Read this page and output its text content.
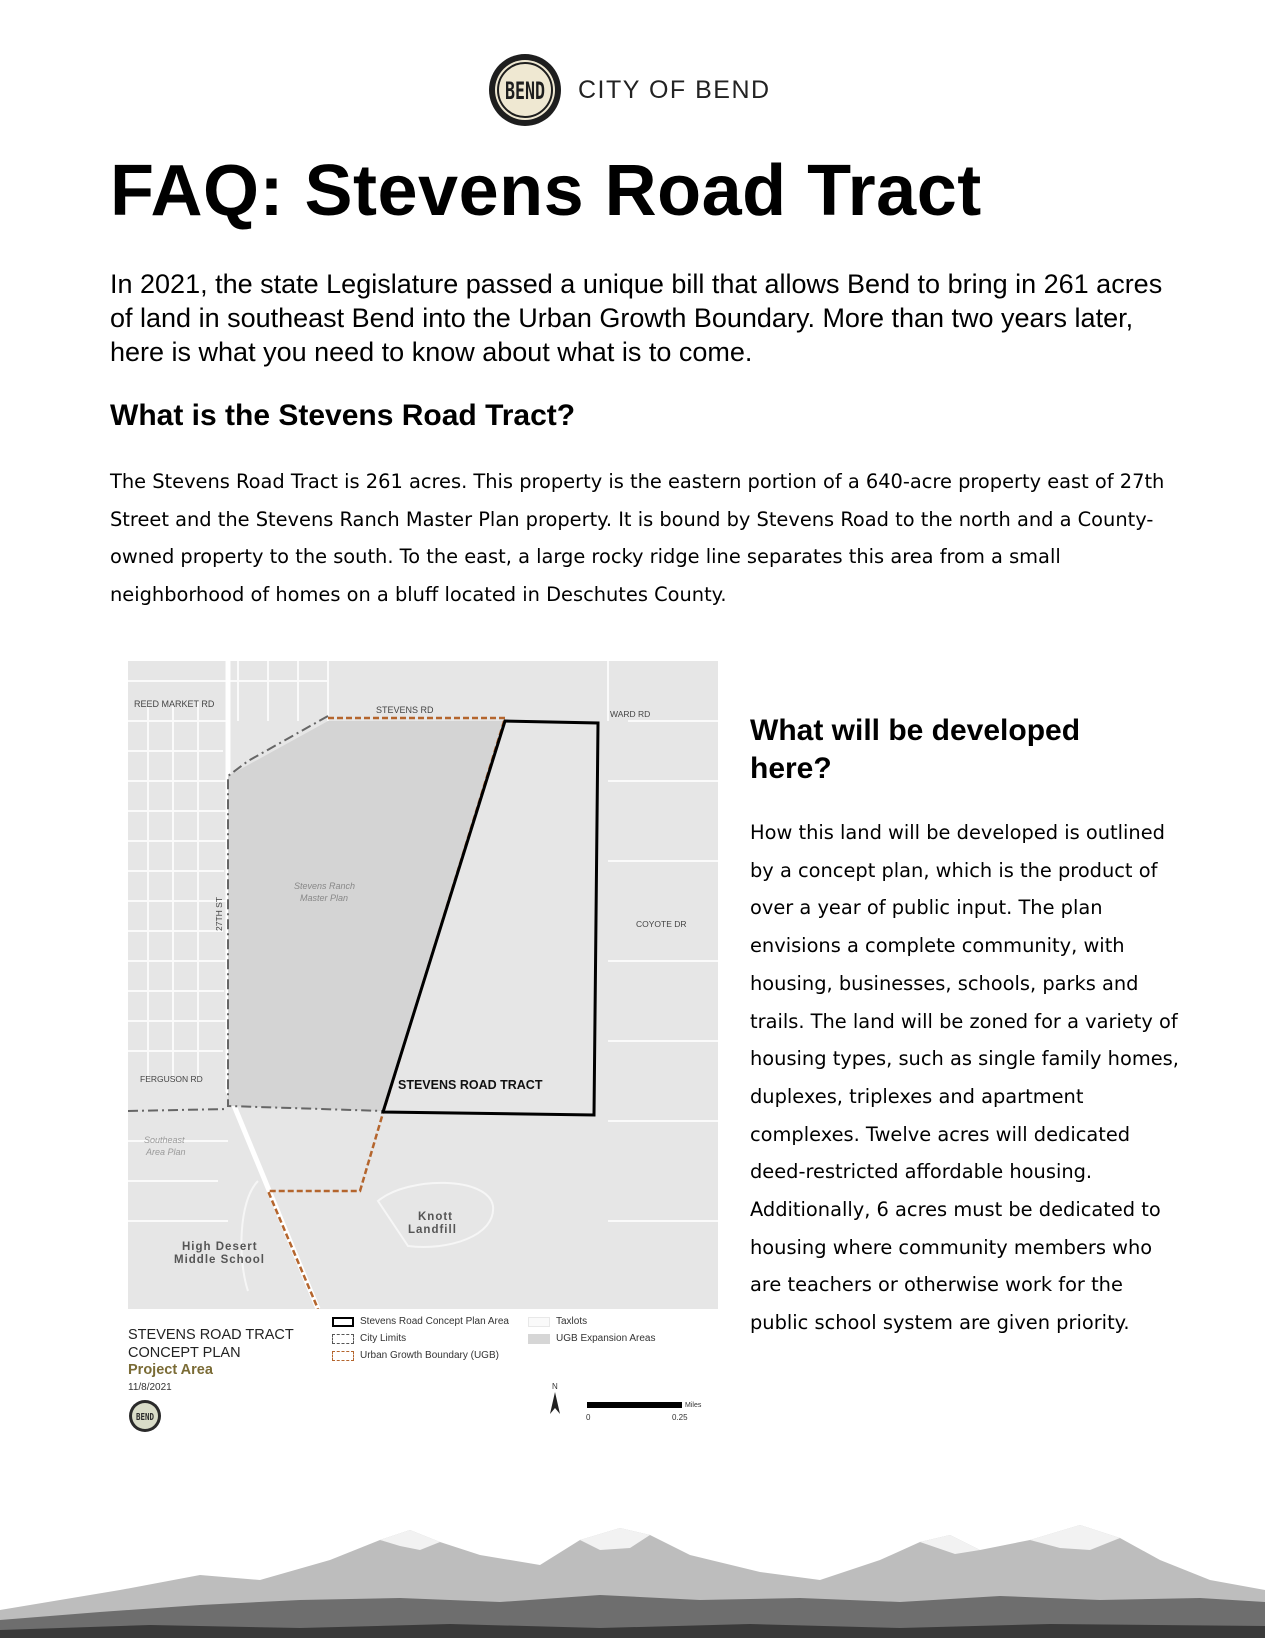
BEND CITY OF BEND
FAQ: Stevens Road Tract

In 2021, the state Legislature passed a unique bill that allows Bend to bring in 261 acres of land in southeast Bend into the Urban Growth Boundary. More than two years later, here is what you need to know about what is to come.

What is the Stevens Road Tract?

The Stevens Road Tract is 261 acres. This property is the eastern portion of a 640-acre property east of 27th Street and the Stevens Ranch Master Plan property. It is bound by Stevens Road to the north and a County-owned property to the south. To the east, a large rocky ridge line separates this area from a small neighborhood of homes on a bluff located in Deschutes County.

REED MARKET RD
STEVENS RD	WARD RD
27TH ST	COYOTE DR
FERGUSON RD
Stevens Ranch
Master Plan
Southeast
Area Plan
STEVENS ROAD TRACT
Knott
Landfill
High Desert
Middle School
STEVENS ROAD TRACT
CONCEPT PLAN
Project Area
11/8/2021
BEND
Stevens Road Concept Plan Area
City Limits
Urban Growth Boundary (UGB)
Taxlots
UGB Expansion Areas
N
0	0.25
Miles
What will be developed here?

How this land will be developed is outlined by a concept plan, which is the product of over a year of public input. The plan envisions a complete community, with housing, businesses, schools, parks and trails. The land will be zoned for a variety of housing types, such as single family homes, duplexes, triplexes and apartment complexes. Twelve acres will dedicated deed-restricted affordable housing. Additionally, 6 acres must be dedicated to housing where community members who are teachers or otherwise work for the public school system are given priority.
